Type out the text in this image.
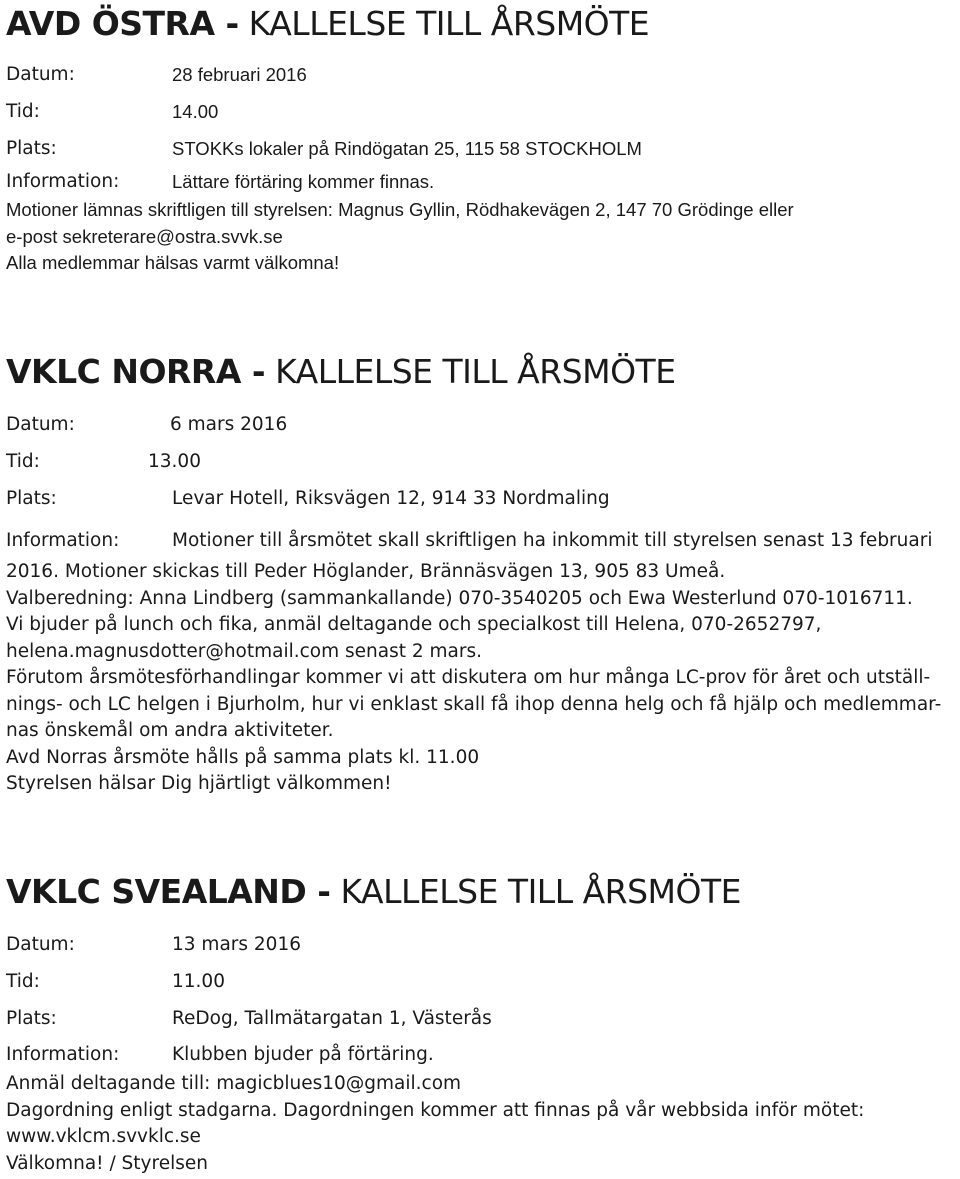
AVD ÖSTRA - KALLELSE TILL ÅRSMÖTE
Datum:	28 februari 2016
Tid:	14.00
Plats:	STOKKs lokaler på Rindögatan 25, 115 58 STOCKHOLM
Information:	Lättare förtäring kommer finnas.
Motioner lämnas skriftligen till styrelsen: Magnus Gyllin, Rödhakevägen 2, 147 70 Grödinge eller
e-post sekreterare@ostra.svvk.se
Alla medlemmar hälsas varmt välkomna!
VKLC NORRA - KALLELSE TILL ÅRSMÖTE
Datum:	6 mars 2016
Tid:	13.00
Plats:	Levar Hotell, Riksvägen 12, 914 33 Nordmaling
Information:	Motioner till årsmötet skall skriftligen ha inkommit till styrelsen senast 13 februari
2016. Motioner skickas till Peder Höglander, Brännäsvägen 13, 905 83 Umeå.
Valberedning: Anna Lindberg (sammankallande) 070-3540205 och Ewa Westerlund 070-1016711.
Vi bjuder på lunch och fika, anmäl deltagande och specialkost till Helena, 070-2652797,
helena.magnusdotter@hotmail.com senast 2 mars.
Förutom årsmötesförhandlingar kommer vi att diskutera om hur många LC-prov för året och utställ-
nings- och LC helgen i Bjurholm, hur vi enklast skall få ihop denna helg och få hjälp och medlemmar-
nas önskemål om andra aktiviteter.
Avd Norras årsmöte hålls på samma plats kl. 11.00
Styrelsen hälsar Dig hjärtligt välkommen!
VKLC SVEALAND - KALLELSE TILL ÅRSMÖTE
Datum:	13 mars 2016
Tid:	11.00
Plats:	ReDog, Tallmätargatan 1, Västerås
Information:	Klubben bjuder på förtäring.
Anmäl deltagande till: magicblues10@gmail.com
Dagordning enligt stadgarna. Dagordningen kommer att finnas på vår webbsida inför mötet:
www.vklcm.svvklc.se
Välkomna! / Styrelsen
